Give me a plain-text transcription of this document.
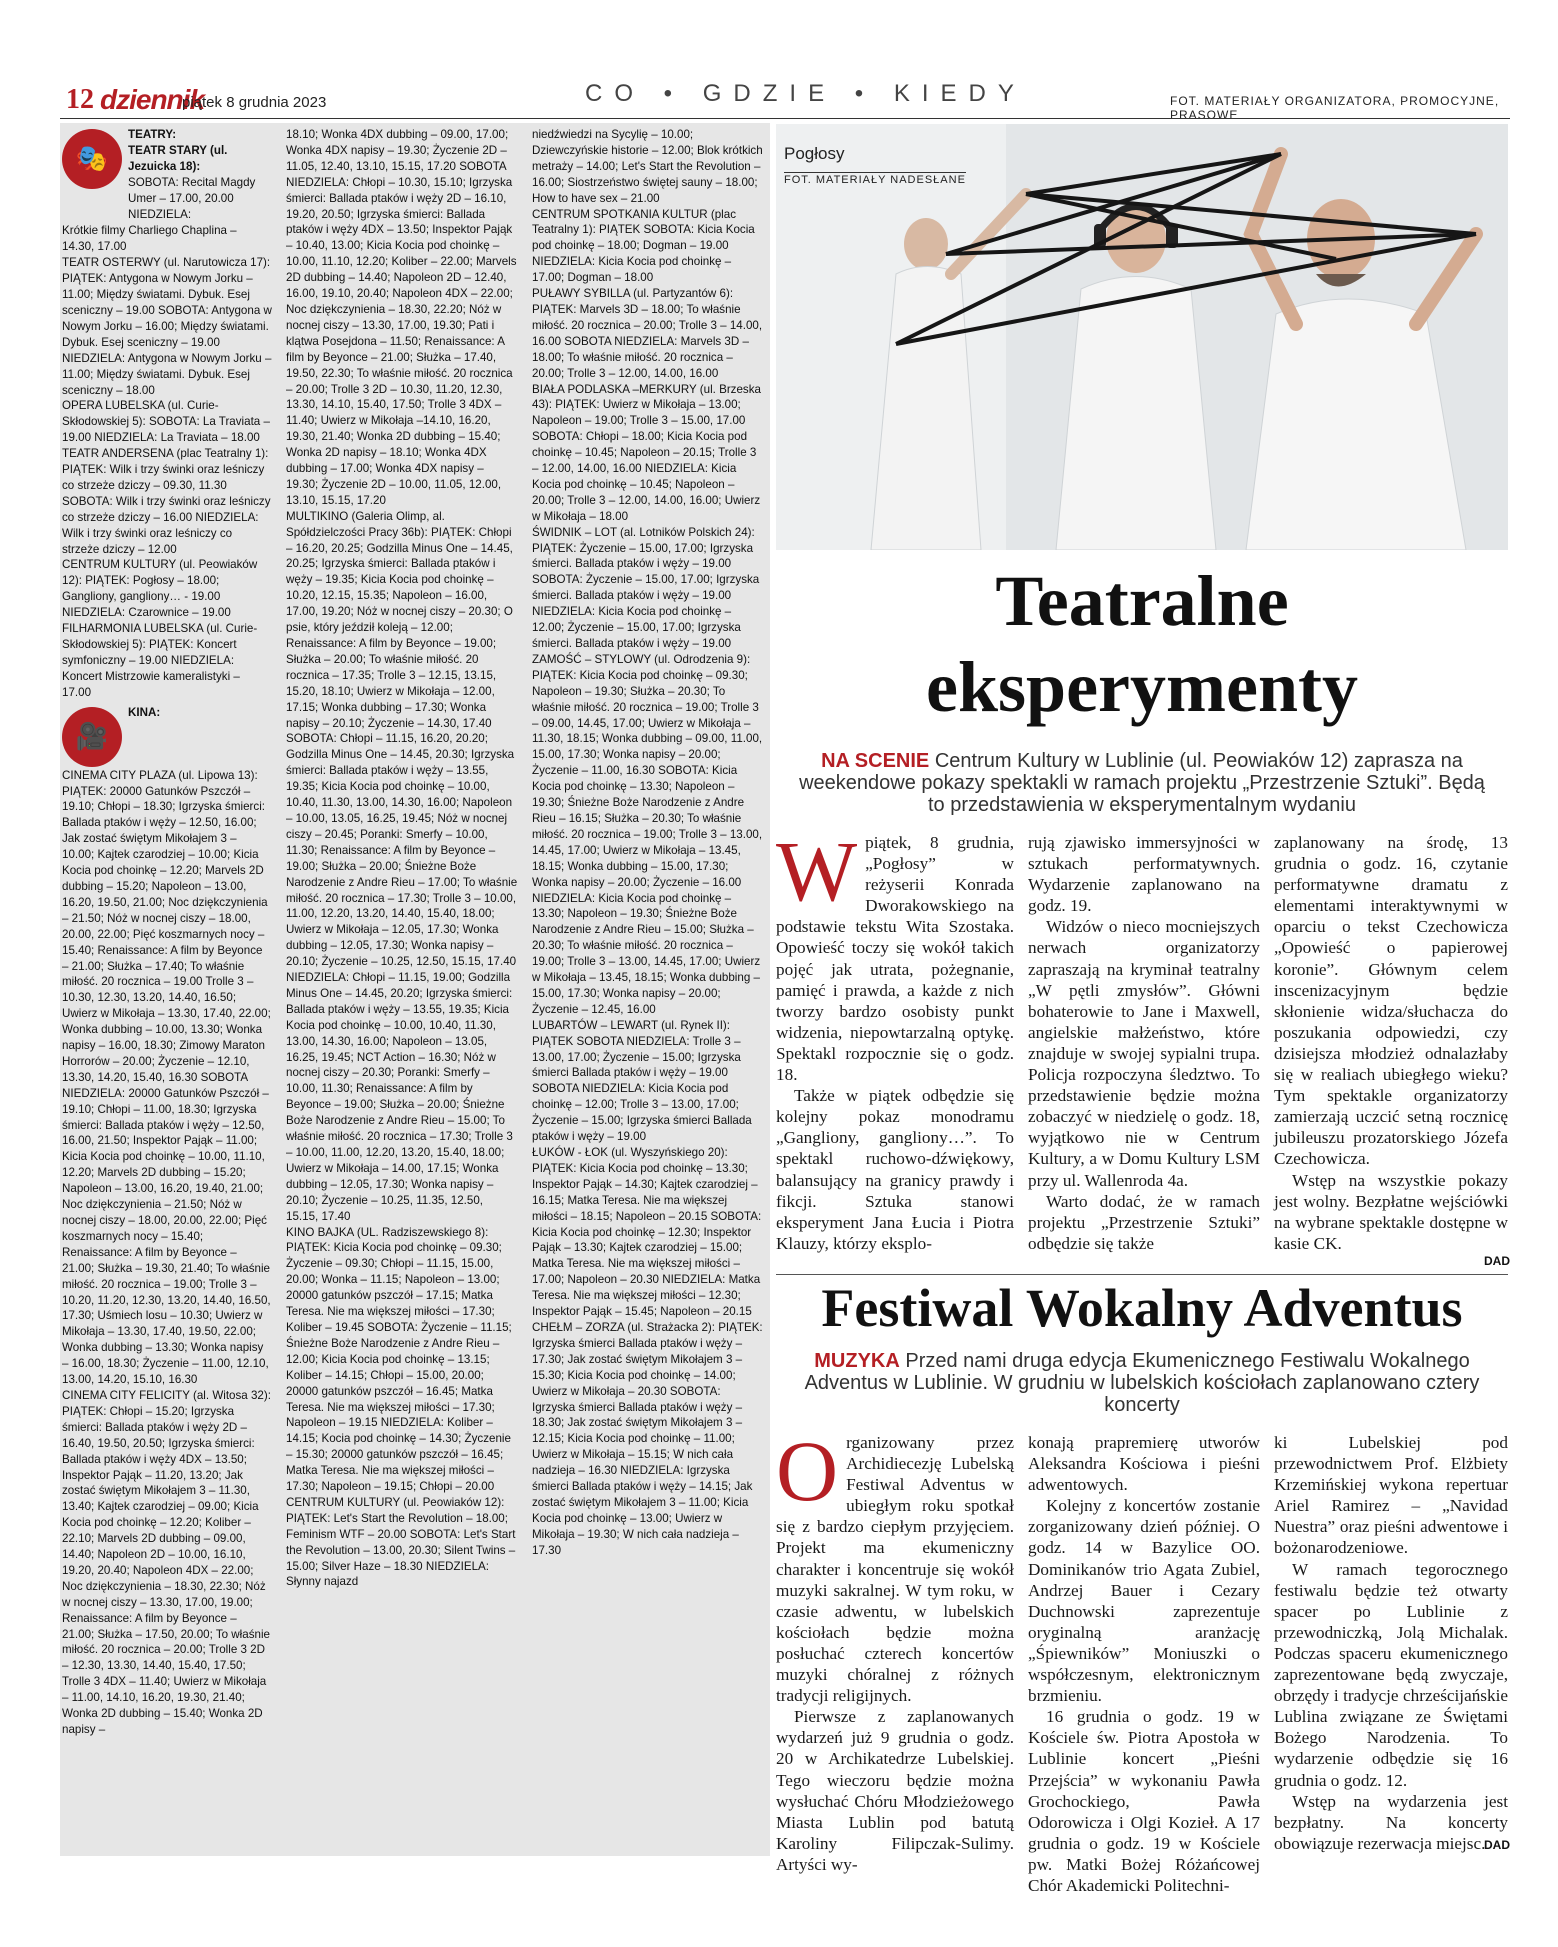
12 dziennik
piątek 8 grudnia 2023	CO • GDZIE • KIEDY	FOT. MATERIAŁY ORGANIZATORA, PROMOCYJNE, PRASOWE
🎭

TEATRY:

TEATR STARY (ul. Jezuicka 18):

SOBOTA: Recital Magdy Umer – 17.00, 20.00 NIEDZIELA:

Krótkie filmy Charliego Chaplina – 14.30, 17.00

TEATR OSTERWY (ul. Narutowicza 17): PIĄTEK: Antygona w Nowym Jorku – 11.00; Między światami. Dybuk. Esej sceniczny – 19.00 SOBOTA: Antygona w Nowym Jorku – 16.00; Między światami. Dybuk. Esej sceniczny – 19.00 NIEDZIELA: Antygona w Nowym Jorku – 11.00; Między światami. Dybuk. Esej sceniczny – 18.00

OPERA LUBELSKA (ul. Curie-Skłodowskiej 5): SOBOTA: La Traviata – 19.00 NIEDZIELA: La Traviata – 18.00

TEATR ANDERSENA (plac Teatralny 1): PIĄTEK: Wilk i trzy świnki oraz leśniczy co strzeże dziczy – 09.30, 11.30 SOBOTA: Wilk i trzy świnki oraz leśniczy co strzeże dziczy – 16.00 NIEDZIELA: Wilk i trzy świnki oraz leśniczy co strzeże dziczy – 12.00

CENTRUM KULTURY (ul. Peowiaków 12): PIĄTEK: Pogłosy – 18.00; Gangliony, gangliony… - 19.00 NIEDZIELA: Czarownice – 19.00

FILHARMONIA LUBELSKA (ul. Curie-Skłodowskiej 5): PIĄTEK: Koncert symfoniczny – 19.00 NIEDZIELA: Koncert Mistrzowie kameralistyki – 17.00

🎥

KINA:

CINEMA CITY PLAZA (ul. Lipowa 13): PIĄTEK: 20000 Gatunków Pszczół – 19.10; Chłopi – 18.30; Igrzyska śmierci: Ballada ptaków i węży – 12.50, 16.00; Jak zostać świętym Mikołajem 3 – 10.00; Kajtek czarodziej – 10.00; Kicia Kocia pod choinkę – 12.20; Marvels 2D dubbing – 15.20; Napoleon – 13.00, 16.20, 19.50, 21.00; Noc dziękczynienia – 21.50; Nóż w nocnej ciszy – 18.00, 20.00, 22.00; Pięć koszmarnych nocy – 15.40; Renaissance: A film by Beyonce – 21.00; Służka – 17.40; To właśnie miłość. 20 rocznica – 19.00 Trolle 3 – 10.30, 12.30, 13.20, 14.40, 16.50; Uwierz w Mikołaja – 13.30, 17.40, 22.00; Wonka dubbing – 10.00, 13.30; Wonka napisy – 16.00, 18.30; Zimowy Maraton Horrorów – 20.00; Życzenie – 12.10, 13.30, 14.20, 15.40, 16.30 SOBOTA NIEDZIELA: 20000 Gatunków Pszczół – 19.10; Chłopi – 11.00, 18.30; Igrzyska śmierci: Ballada ptaków i węży – 12.50, 16.00, 21.50; Inspektor Pająk – 11.00; Kicia Kocia pod choinkę – 10.00, 11.10, 12.20; Marvels 2D dubbing – 15.20; Napoleon – 13.00, 16.20, 19.40, 21.00; Noc dziękczynienia – 21.50; Nóż w nocnej ciszy – 18.00, 20.00, 22.00; Pięć koszmarnych nocy – 15.40; Renaissance: A film by Beyonce – 21.00; Służka – 19.30, 21.40; To właśnie miłość. 20 rocznica – 19.00; Trolle 3 – 10.20, 11.20, 12.30, 13.20, 14.40, 16.50, 17.30; Uśmiech losu – 10.30; Uwierz w Mikołaja – 13.30, 17.40, 19.50, 22.00; Wonka dubbing – 13.30; Wonka napisy – 16.00, 18.30; Życzenie – 11.00, 12.10, 13.00, 14.20, 15.10, 16.30

CINEMA CITY FELICITY (al. Witosa 32): PIĄTEK: Chłopi – 15.20; Igrzyska śmierci: Ballada ptaków i węży 2D – 16.40, 19.50, 20.50; Igrzyska śmierci: Ballada ptaków i węży 4DX – 13.50; Inspektor Pająk – 11.20, 13.20; Jak zostać świętym Mikołajem 3 – 11.30, 13.40; Kajtek czarodziej – 09.00; Kicia Kocia pod choinkę – 12.20; Koliber – 22.10; Marvels 2D dubbing – 09.00, 14.40; Napoleon 2D – 10.00, 16.10, 19.20, 20.40; Napoleon 4DX – 22.00; Noc dziękczynienia – 18.30, 22.30; Nóż w nocnej ciszy – 13.30, 17.00, 19.00; Renaissance: A film by Beyonce – 21.00; Służka – 17.50, 20.00; To właśnie miłość. 20 rocznica – 20.00; Trolle 3 2D – 12.30, 13.30, 14.40, 15.40, 17.50; Trolle 3 4DX – 11.40; Uwierz w Mikołaja – 11.00, 14.10, 16.20, 19.30, 21.40; Wonka 2D dubbing – 15.40; Wonka 2D napisy –

18.10; Wonka 4DX dubbing – 09.00, 17.00; Wonka 4DX napisy – 19.30; Życzenie 2D – 11.05, 12.40, 13.10, 15.15, 17.20 SOBOTA NIEDZIELA: Chłopi – 10.30, 15.10; Igrzyska śmierci: Ballada ptaków i węży 2D – 16.10, 19.20, 20.50; Igrzyska śmierci: Ballada ptaków i węży 4DX – 13.50; Inspektor Pająk – 10.40, 13.00; Kicia Kocia pod choinkę – 10.00, 11.10, 12.20; Koliber – 22.00; Marvels 2D dubbing – 14.40; Napoleon 2D – 12.40, 16.00, 19.10, 20.40; Napoleon 4DX – 22.00; Noc dziękczynienia – 18.30, 22.20; Nóż w nocnej ciszy – 13.30, 17.00, 19.30; Pati i klątwa Posejdona – 11.50; Renaissance: A film by Beyonce – 21.00; Służka – 17.40, 19.50, 22.30; To właśnie miłość. 20 rocznica – 20.00; Trolle 3 2D – 10.30, 11.20, 12.30, 13.30, 14.10, 15.40, 17.50; Trolle 3 4DX – 11.40; Uwierz w Mikołaja –14.10, 16.20, 19.30, 21.40; Wonka 2D dubbing – 15.40; Wonka 2D napisy – 18.10; Wonka 4DX dubbing – 17.00; Wonka 4DX napisy – 19.30; Życzenie 2D – 10.00, 11.05, 12.00, 13.10, 15.15, 17.20

MULTIKINO (Galeria Olimp, al. Spółdzielczości Pracy 36b): PIĄTEK: Chłopi – 16.20, 20.25; Godzilla Minus One – 14.45, 20.25; Igrzyska śmierci: Ballada ptaków i węży – 19.35; Kicia Kocia pod choinkę – 10.20, 12.15, 15.35; Napoleon – 16.00, 17.00, 19.20; Nóż w nocnej ciszy – 20.30; O psie, który jeździł koleją – 12.00; Renaissance: A film by Beyonce – 19.00; Służka – 20.00; To właśnie miłość. 20 rocznica – 17.35; Trolle 3 – 12.15, 13.15, 15.20, 18.10; Uwierz w Mikołaja – 12.00, 17.15; Wonka dubbing – 17.30; Wonka napisy – 20.10; Życzenie – 14.30, 17.40 SOBOTA: Chłopi – 11.15, 16.20, 20.20; Godzilla Minus One – 14.45, 20.30; Igrzyska śmierci: Ballada ptaków i węży – 13.55, 19.35; Kicia Kocia pod choinkę – 10.00, 10.40, 11.30, 13.00, 14.30, 16.00; Napoleon – 10.00, 13.05, 16.25, 19.45; Nóż w nocnej ciszy – 20.45; Poranki: Smerfy – 10.00, 11.30; Renaissance: A film by Beyonce – 19.00; Służka – 20.00; Śnieżne Boże Narodzenie z Andre Rieu – 17.00; To właśnie miłość. 20 rocznica – 17.30; Trolle 3 – 10.00, 11.00, 12.20, 13.20, 14.40, 15.40, 18.00; Uwierz w Mikołaja – 12.05, 17.30; Wonka dubbing – 12.05, 17.30; Wonka napisy – 20.10; Życzenie – 10.25, 12.50, 15.15, 17.40 NIEDZIELA: Chłopi – 11.15, 19.00; Godzilla Minus One – 14.45, 20.20; Igrzyska śmierci: Ballada ptaków i węży – 13.55, 19.35; Kicia Kocia pod choinkę – 10.00, 10.40, 11.30, 13.00, 14.30, 16.00; Napoleon – 13.05, 16.25, 19.45; NCT Action – 16.30; Nóż w nocnej ciszy – 20.30; Poranki: Smerfy – 10.00, 11.30; Renaissance: A film by Beyonce – 19.00; Służka – 20.00; Śnieżne Boże Narodzenie z Andre Rieu – 15.00; To właśnie miłość. 20 rocznica – 17.30; Trolle 3 – 10.00, 11.00, 12.20, 13.20, 15.40, 18.00; Uwierz w Mikołaja – 14.00, 17.15; Wonka dubbing – 12.05, 17.30; Wonka napisy – 20.10; Życzenie – 10.25, 11.35, 12.50, 15.15, 17.40

KINO BAJKA (UL. Radziszewskiego 8): PIĄTEK: Kicia Kocia pod choinkę – 09.30; Życzenie – 09.30; Chłopi – 11.15, 15.00, 20.00; Wonka – 11.15; Napoleon – 13.00; 20000 gatunków pszczół – 17.15; Matka Teresa. Nie ma większej miłości – 17.30; Koliber – 19.45 SOBOTA: Życzenie – 11.15; Śnieżne Boże Narodzenie z Andre Rieu – 12.00; Kicia Kocia pod choinkę – 13.15; Koliber – 14.15; Chłopi – 15.00, 20.00; 20000 gatunków pszczół – 16.45; Matka Teresa. Nie ma większej miłości – 17.30; Napoleon – 19.15 NIEDZIELA: Koliber – 14.15; Kocia pod choinkę – 14.30; Życzenie – 15.30; 20000 gatunków pszczół – 16.45; Matka Teresa. Nie ma większej miłości – 17.30; Napoleon – 19.15; Chłopi – 20.00

CENTRUM KULTURY (ul. Peowiaków 12): PIĄTEK: Let's Start the Revolution – 18.00; Feminism WTF – 20.00 SOBOTA: Let's Start the Revolution – 13.00, 20.30; Silent Twins – 15.00; Silver Haze – 18.30 NIEDZIELA: Słynny najazd

niedźwiedzi na Sycylię – 10.00; Dziewczyńskie historie – 12.00; Blok krótkich metraży – 14.00; Let's Start the Revolution – 16.00; Siostrzeństwo świętej sauny – 18.00; How to have sex – 21.00

CENTRUM SPOTKANIA KULTUR (plac Teatralny 1): PIĄTEK SOBOTA: Kicia Kocia pod choinkę – 18.00; Dogman – 19.00 NIEDZIELA: Kicia Kocia pod choinkę – 17.00; Dogman – 18.00

PUŁAWY SYBILLA (ul. Partyzantów 6): PIĄTEK: Marvels 3D – 18.00; To właśnie miłość. 20 rocznica – 20.00; Trolle 3 – 14.00, 16.00 SOBOTA NIEDZIELA: Marvels 3D – 18.00; To właśnie miłość. 20 rocznica – 20.00; Trolle 3 – 12.00, 14.00, 16.00

BIAŁA PODLASKA –MERKURY (ul. Brzeska 43): PIĄTEK: Uwierz w Mikołaja – 13.00; Napoleon – 19.00; Trolle 3 – 15.00, 17.00 SOBOTA: Chłopi – 18.00; Kicia Kocia pod choinkę – 10.45; Napoleon – 20.15; Trolle 3 – 12.00, 14.00, 16.00 NIEDZIELA: Kicia Kocia pod choinkę – 10.45; Napoleon – 20.00; Trolle 3 – 12.00, 14.00, 16.00; Uwierz w Mikołaja – 18.00

ŚWIDNIK – LOT (al. Lotników Polskich 24): PIĄTEK: Życzenie – 15.00, 17.00; Igrzyska śmierci. Ballada ptaków i węży – 19.00 SOBOTA: Życzenie – 15.00, 17.00; Igrzyska śmierci. Ballada ptaków i węży – 19.00 NIEDZIELA: Kicia Kocia pod choinkę – 12.00; Życzenie – 15.00, 17.00; Igrzyska śmierci. Ballada ptaków i węży – 19.00

ZAMOŚĆ – STYLOWY (ul. Odrodzenia 9): PIĄTEK: Kicia Kocia pod choinkę – 09.30; Napoleon – 19.30; Służka – 20.30; To właśnie miłość. 20 rocznica – 19.00; Trolle 3 – 09.00, 14.45, 17.00; Uwierz w Mikołaja – 11.30, 18.15; Wonka dubbing – 09.00, 11.00, 15.00, 17.30; Wonka napisy – 20.00; Życzenie – 11.00, 16.30 SOBOTA: Kicia Kocia pod choinkę – 13.30; Napoleon – 19.30; Śnieżne Boże Narodzenie z Andre Rieu – 16.15; Służka – 20.30; To właśnie miłość. 20 rocznica – 19.00; Trolle 3 – 13.00, 14.45, 17.00; Uwierz w Mikołaja – 13.45, 18.15; Wonka dubbing – 15.00, 17.30; Wonka napisy – 20.00; Życzenie – 16.00 NIEDZIELA: Kicia Kocia pod choinkę – 13.30; Napoleon – 19.30; Śnieżne Boże Narodzenie z Andre Rieu – 15.00; Służka – 20.30; To właśnie miłość. 20 rocznica – 19.00; Trolle 3 – 13.00, 14.45, 17.00; Uwierz w Mikołaja – 13.45, 18.15; Wonka dubbing – 15.00, 17.30; Wonka napisy – 20.00; Życzenie – 12.45, 16.00

LUBARTÓW – LEWART (ul. Rynek II): PIĄTEK SOBOTA NIEDZIELA: Trolle 3 – 13.00, 17.00; Życzenie – 15.00; Igrzyska śmierci Ballada ptaków i węży – 19.00 SOBOTA NIEDZIELA: Kicia Kocia pod choinkę – 12.00; Trolle 3 – 13.00, 17.00; Życzenie – 15.00; Igrzyska śmierci Ballada ptaków i węży – 19.00

ŁUKÓW - ŁOK (ul. Wyszyńskiego 20): PIĄTEK: Kicia Kocia pod choinkę – 13.30; Inspektor Pająk – 14.30; Kajtek czarodziej – 16.15; Matka Teresa. Nie ma większej miłości – 18.15; Napoleon – 20.15 SOBOTA: Kicia Kocia pod choinkę – 12.30; Inspektor Pająk – 13.30; Kajtek czarodziej – 15.00; Matka Teresa. Nie ma większej miłości – 17.00; Napoleon – 20.30 NIEDZIELA: Matka Teresa. Nie ma większej miłości – 12.30; Inspektor Pająk – 15.45; Napoleon – 20.15

CHEŁM – ZORZA (ul. Strażacka 2): PIĄTEK: Igrzyska śmierci Ballada ptaków i węży – 17.30; Jak zostać świętym Mikołajem 3 – 15.30; Kicia Kocia pod choinkę – 14.00; Uwierz w Mikołaja – 20.30 SOBOTA: Igrzyska śmierci Ballada ptaków i węży – 18.30; Jak zostać świętym Mikołajem 3 – 12.15; Kicia Kocia pod choinkę – 11.00; Uwierz w Mikołaja – 15.15; W nich cała nadzieja – 16.30 NIEDZIELA: Igrzyska śmierci Ballada ptaków i węży – 14.15; Jak zostać świętym Mikołajem 3 – 11.00; Kicia Kocia pod choinkę – 13.00; Uwierz w Mikołaja – 19.30; W nich cała nadzieja – 17.30

Pogłosy
FOT. MATERIAŁY NADESŁANE
Teatralne
eksperymenty
NA SCENIE Centrum Kultury w Lublinie (ul. Peowiaków 12) zaprasza na weekendowe pokazy spektakli w ramach projektu „Przestrzenie Sztuki”. Będą to przedstawienia w eksperymentalnym wydaniu

Wpiątek, 8 grudnia, „Pogłosy” w reżyserii Konrada Dworakowskiego na podstawie tekstu Wita Szostaka. Opowieść toczy się wokół takich pojęć jak utrata, pożegnanie, pamięć i prawda, a każde z nich tworzy bardzo osobisty punkt widzenia, niepowtarzalną optykę. Spektakl rozpocznie się o godz. 18.

Także w piątek odbędzie się kolejny pokaz monodramu „Gangliony, gangliony…”. To spektakl ruchowo-dźwiękowy, balansujący na granicy prawdy i fikcji. Sztuka stanowi eksperyment Jana Łucia i Piotra Klauzy, którzy eksplo-

rują zjawisko immersyjności w sztukach performatywnych. Wydarzenie zaplanowano na godz. 19.

Widzów o nieco mocniejszych nerwach organizatorzy zapraszają na kryminał teatralny „W pętli zmysłów”. Główni bohaterowie to Jane i Maxwell, angielskie małżeństwo, które znajduje w swojej sypialni trupa. Policja rozpoczyna śledztwo. To przedstawienie będzie można zobaczyć w niedzielę o godz. 18, wyjątkowo nie w Centrum Kultury, a w Domu Kultury LSM przy ul. Wallenroda 4a.

Warto dodać, że w ramach projektu „Przestrzenie Sztuki” odbędzie się także

zaplanowany na środę, 13 grudnia o godz. 16, czytanie performatywne dramatu z elementami interaktywnymi w oparciu o tekst Czechowicza „Opowieść o papierowej koronie”. Głównym celem inscenizacyjnym będzie skłonienie widza/słuchacza do poszukania odpowiedzi, czy dzisiejsza młodzież odnalazłaby się w realiach ubiegłego wieku? Tym spektakle organizatorzy zamierzają uczcić setną rocznicę jubileuszu prozatorskiego Józefa Czechowicza.

Wstęp na wszystkie pokazy jest wolny. Bezpłatne wejściówki na wybrane spektakle dostępne w kasie CK.

DAD
Festiwal Wokalny Adventus
MUZYKA Przed nami druga edycja Ekumenicznego Festiwalu Wokalnego Adventus w Lublinie. W grudniu w lubelskich kościołach zaplanowano cztery koncerty

Organizowany przez Archidiecezję Lubelską Festiwal Adventus w ubiegłym roku spotkał się z bardzo ciepłym przyjęciem. Projekt ma ekumeniczny charakter i koncentruje się wokół muzyki sakralnej. W tym roku, w czasie adwentu, w lubelskich kościołach będzie można posłuchać czterech koncertów muzyki chóralnej z różnych tradycji religijnych.

Pierwsze z zaplanowanych wydarzeń już 9 grudnia o godz. 20 w Archikatedrze Lubelskiej. Tego wieczoru będzie można wysłuchać Chóru Młodzieżowego Miasta Lublin pod batutą Karoliny Filipczak-Sulimy. Artyści wy-

konają prapremierę utworów Aleksandra Kościowa i pieśni adwentowych.

Kolejny z koncertów zostanie zorganizowany dzień później. O godz. 14 w Bazylice OO. Dominikanów trio Agata Zubiel, Andrzej Bauer i Cezary Duchnowski zaprezentuje oryginalną aranżację „Śpiewników” Moniuszki o współczesnym, elektronicznym brzmieniu.

16 grudnia o godz. 19 w Kościele św. Piotra Apostoła w Lublinie koncert „Pieśni Przejścia” w wykonaniu Pawła Grochockiego, Pawła Odorowicza i Olgi Kozieł. A 17 grudnia o godz. 19 w Kościele pw. Matki Bożej Różańcowej Chór Akademicki Politechni-

ki Lubelskiej pod przewodnictwem Prof. Elżbiety Krzemińskiej wykona repertuar Ariel Ramirez – „Navidad Nuestra” oraz pieśni adwentowe i bożonarodzeniowe.

W ramach tegorocznego festiwalu będzie też otwarty spacer po Lublinie z przewodniczką, Jolą Michalak. Podczas spaceru ekumenicznego zaprezentowane będą zwyczaje, obrzędy i tradycje chrześcijańskie Lublina związane ze Świętami Bożego Narodzenia. To wydarzenie odbędzie się 16 grudnia o godz. 12.

Wstęp na wydarzenia jest bezpłatny. Na koncerty obowiązuje rezerwacja miejsc.

DAD
